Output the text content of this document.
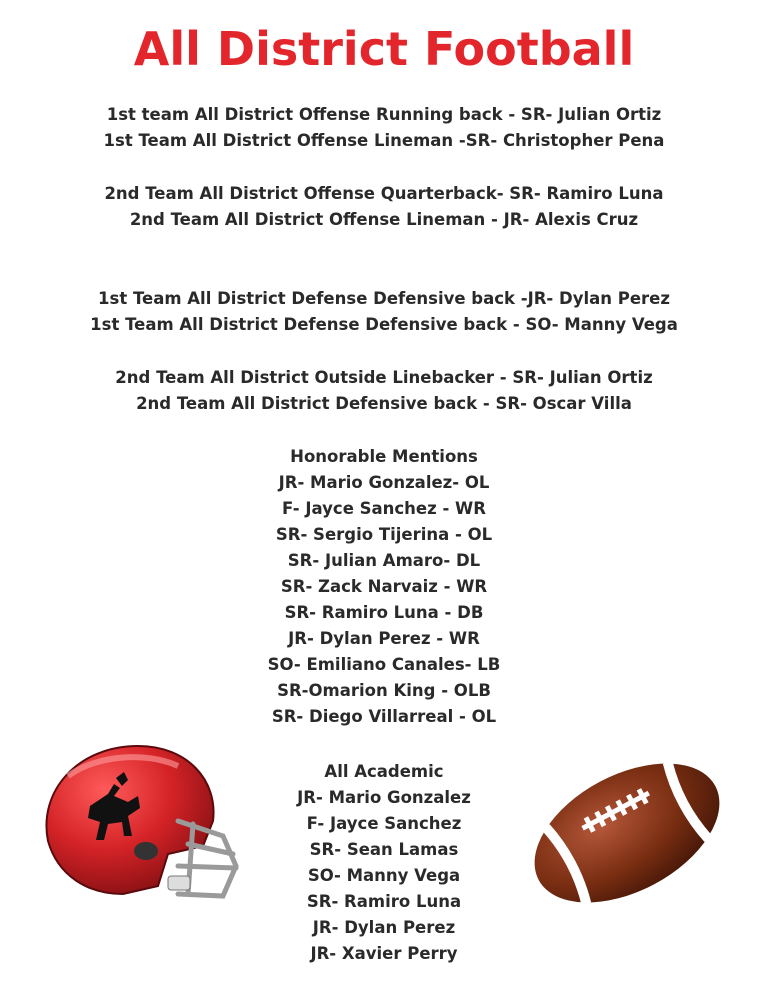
All District Football
1st team All District Offense Running back - SR- Julian Ortiz
1st Team All District Offense Lineman -SR- Christopher Pena
2nd Team All District Offense Quarterback- SR- Ramiro Luna
2nd Team All District Offense Lineman - JR- Alexis Cruz
1st Team All District Defense Defensive back -JR- Dylan Perez
1st Team All District Defense Defensive back - SO- Manny Vega
2nd Team All District Outside Linebacker - SR- Julian Ortiz
2nd Team All District Defensive back - SR- Oscar Villa
Honorable Mentions
JR- Mario Gonzalez- OL
F- Jayce Sanchez - WR
SR- Sergio Tijerina - OL
SR- Julian Amaro- DL
SR- Zack Narvaiz - WR
SR- Ramiro Luna - DB
JR- Dylan Perez - WR
SO- Emiliano Canales- LB
SR-Omarion King - OLB
SR- Diego Villarreal - OL
All Academic
JR- Mario Gonzalez
F- Jayce Sanchez
SR- Sean Lamas
SO- Manny Vega
SR- Ramiro Luna
JR- Dylan Perez
JR- Xavier Perry
